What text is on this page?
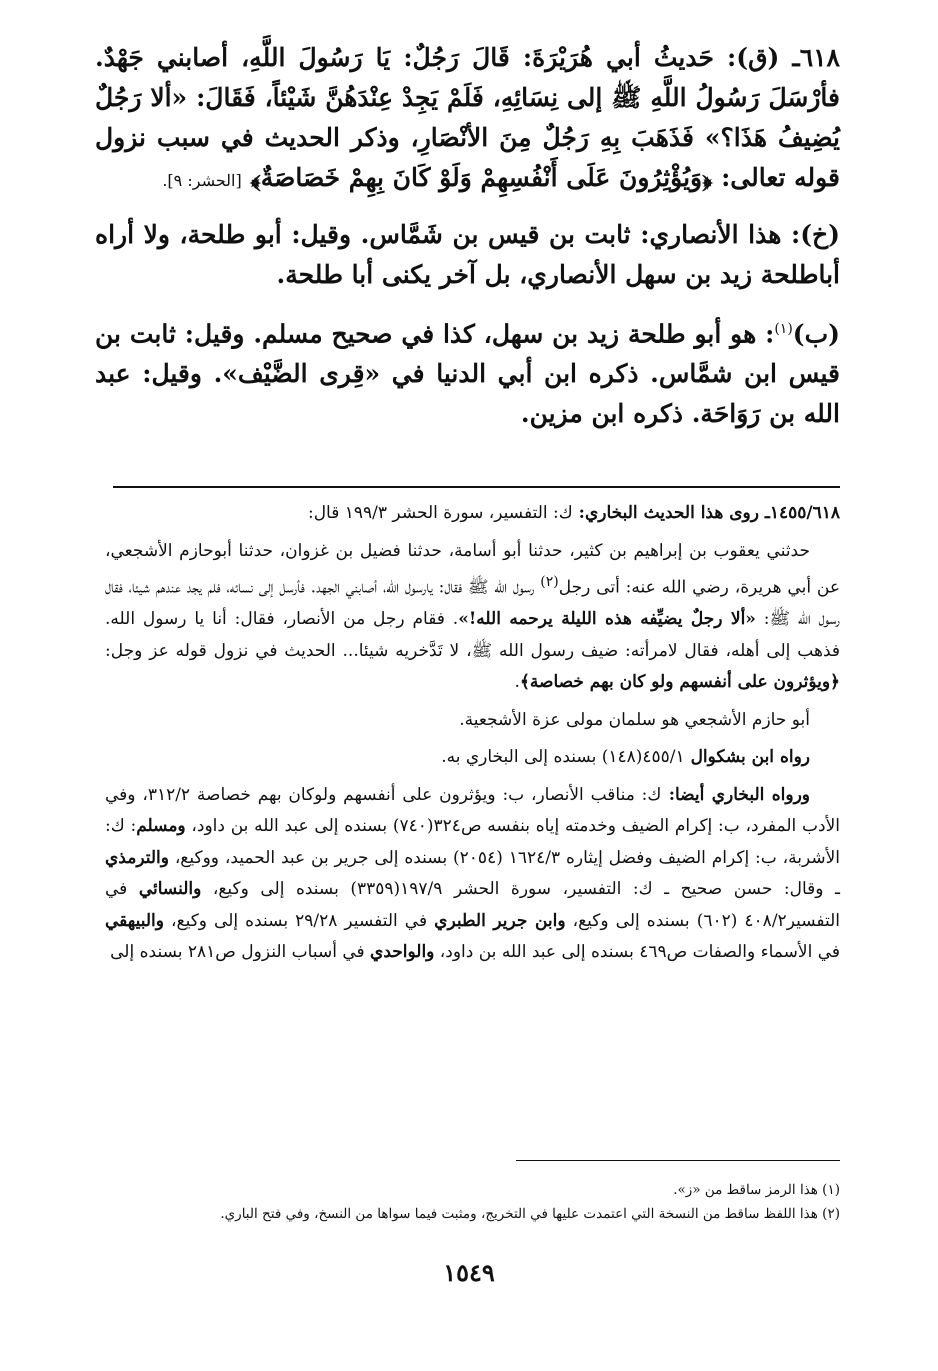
٦١٨ـ (ق): حَديثُ أبي هُرَيْرَةَ: قَالَ رَجُلٌ: يَا رَسُولَ اللَّهِ، أصابني جَهْدٌ. فأرْسَلَ رَسُولُ اللَّهِ ﷺ إلى نِسَائِهِ، فَلَمْ يَجِدْ عِنْدَهُنَّ شَيْئاً، فَقَالَ: «ألا رَجُلٌ يُضِيفُ هَذَا؟» فَذَهَبَ بِهِ رَجُلٌ مِنَ الأنْصَارِ، وذكر الحديث في سبب نزول قوله تعالى: ﴿وَيُؤْثِرُونَ عَلَى أَنْفُسِهِمْ وَلَوْ كَانَ بِهِمْ خَصَاصَةٌ﴾ [الحشر: ٩].

(خ): هذا الأنصاري: ثابت بن قيس بن شَمَّاس. وقيل: أبو طلحة، ولا أراه أباطلحة زيد بن سهل الأنصاري، بل آخر يكنى أبا طلحة.

(ب)$^{(١)}$: هو أبو طلحة زيد بن سهل، كذا في صحيح مسلم. وقيل: ثابت بن قيس ابن شمَّاس. ذكره ابن أبي الدنيا في «قِرى الضَّيْف». وقيل: عبد الله بن رَوَاحَة. ذكره ابن مزين.

١٤٥٥/٦١٨ـ روى هذا الحديث البخاري: ك: التفسير، سورة الحشر ١٩٩/٣ قال:

حدثني يعقوب بن إبراهيم بن كثير، حدثنا أبو أسامة، حدثنا فضيل بن غزوان، حدثنا أبوحازم الأشجعي، عن أبي هريرة، رضي الله عنه: أتى رجل$^{(٢)}$ رسول الله ﷺ فقال: يارسول الله، أصابني الجهد. فأرسل إلى نسائه، فلم يجد عندهم شيئا، فقال رسول الله ﷺ: «ألا رجلٌ يضيِّفه هذه الليلة يرحمه الله!». فقام رجل من الأنصار، فقال: أنا يا رسول الله. فذهب إلى أهله، فقال لامرأته: ضيف رسول الله ﷺ، لا تَدَّخريه شيئا... الحديث في نزول قوله عز وجل: ﴿ويؤثرون على أنفسهم ولو كان بهم خصاصة﴾.

أبو حازم الأشجعي هو سلمان مولى عزة الأشجعية.

رواه ابن بشكوال ٤٥٥/١(١٤٨) بسنده إلى البخاري به.

ورواه البخاري أيضا: ك: مناقب الأنصار، ب: ويؤثرون على أنفسهم ولوكان بهم خصاصة ٣١٢/٢، وفي الأدب المفرد، ب: إكرام الضيف وخدمته إياه بنفسه ص٣٢٤(٧٤٠) بسنده إلى عبد الله بن داود، ومسلم: ك: الأشربة، ب: إكرام الضيف وفضل إيثاره ١٦٢٤/٣ (٢٠٥٤) بسنده إلى جرير بن عبد الحميد، ووكيع، والترمذي ـ وقال: حسن صحيح ـ ك: التفسير، سورة الحشر ١٩٧/٩(٣٣٥٩) بسنده إلى وكيع، والنسائي في التفسير٤٠٨/٢ (٦٠٢) بسنده إلى وكيع، وابن جرير الطبري في التفسير ٢٩/٢٨ بسنده إلى وكيع، والبيهقي في الأسماء والصفات ص٤٦٩ بسنده إلى عبد الله بن داود، والواحدي في أسباب النزول ص٢٨١ بسنده إلى

(١) هذا الرمز ساقط من «ز».

(٢) هذا اللفظ ساقط من النسخة التي اعتمدت عليها في التخريج، ومثبت فيما سواها من النسخ، وفي فتح الباري.

١٥٤٩
